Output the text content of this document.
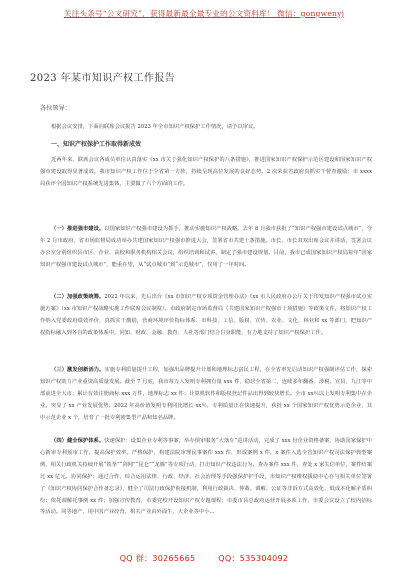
关注头条号“公文研究”，获得最新最全最专业的公文资料库！ 微信：gongwenyj
2023 年某市知识产权工作报告
各位领导：

根据会议安排，下面向联席会议报告 2023 年全市知识产权保护工作情况，请予以审议。

一、知识产权保护工作取得新成效

近两年来，联席会议各成员单位认真落实《xx 市关于强化知识产权保护的八条措施》，推进国家知识产权保护示范区建设和国家知识产权强市建设取得显著成效。我市知识产权工作位于全省第一方阵，持续呈现高位发展的良好态势。2 次荣获省政府真抓实干督查激励；市 xxxx 局获评全国知识产权系统先进集体，主要做了六个方面的工作。

（一）推进强市建设。以国家知识产权强市建设为抓手，推动实施知识产权战略。去年 8 月我市获批了“知识产权强市建设试点城市”，今年 2 月市政府、省市场监督局成功举办共建国家知识产权强市推进大会，签署省市共建十条措施。市长、市长双双出席会议并讲话，签署会议办公室分别组织县市区、企业、高校和职务机构相关会议，组织培训和试讲，制定了强市建设规划。目前，我市已成国家知识产权局每年“国家知识产权强市建设试点城市”，能重在望，从“试点城市”到“示范城市”，仅用了一年时间。
（二）加强政策统筹。2022 年以来，先后出台《xx 市知识产权专项资金管理办法》《xx 市人民政府办公厅关于印发知识产权强市试点实施方案》（xx 市知识产权战略实施工作联席会议制度）。市政府制定市场监督局《共建国家知识产权强市十项措施》等政策文件，将知识产权工作纳入党委政府绩效评价，真抓实干激励，营商环境评价指标体系、市科技、工信、版权、宣传、农业、文化、林业和 xx 等部门，把知识产权指标融入到各自的政策体系中，同知、财政、金融、教育、人社等部门结合自身职能，有力地支持了知识产权保护工作。
（三）激发创新活力。实施专利质量提升工程，加强出品牌提升计划和地理标志富民工程，在全省率先启动知识产权强制评估工作，探索知识产权助力产业重资高质量发展。截至 7 月底，我市每万人发明专利拥有量 xxx 件，稳居全省第二，连续多年翻番、涉税、宣县、九江等中部前进全大市；累计有效注册商标 xxx 万件，地理标志 xx 件；计算机软件和版权登记件品出得到较快增长。全市 xx％以上发明专利集中在企业。突显了 xx 产业发展优势。2022 年高价值发明专利同比增长 xx％，专利质量正在快速提升，获批 xx 个国家知识产权优势示范企业，其中示范企业 x 个，培育了一批专利密集型产品和知名品牌。
（四）健全保护体系。快速保护：设集企业专利等事案，举办预审服务“大落车”巡讲活动，完成了 xxx 份企业资格备案，协助国家保护中心新审专利预审工作。提高保护效率。严格保护，构建法院审理民事案件 xxx 件，形成案例 x 件，x 案件入选全省知识产权司法保护典型案例，相关行政机关持续开展“铁拳”“剑网”“昆仑”“龙腾”等专项行动，打击知识产权违法行为，查办案件 xxx 件，查处 x 家失信单位，案件结案比 xx 亿元。协同保护：通过合作，综合运用法律、行政、经济、社会治理等手段强保护护手段，市知识产权维权援助中心在与相关单位签署了《知识产权协同保护合作备忘录》，健全了司法行政保护衔接机制，利用行政裁决、仲裁、调解、公证等非诉方式高效化、低成本化解矛盾纠纷；依托调解托事例 xx 件；加强宣传教育，市委党校开设知识产权专题课程；市委市县总政府运营开展多项工作，市委会议设立了校内招标等活动。同等地产，用中国产业经营，相关产业由外面生，大企业等中小...
QQ 群：30265665	QQ：535304092
